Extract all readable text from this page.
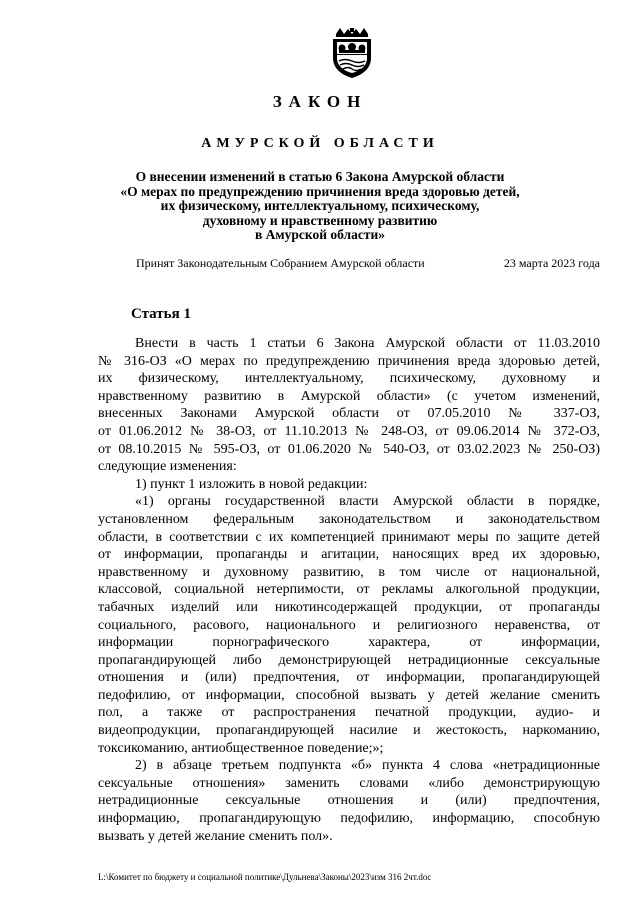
ЗАКОН
АМУРСКОЙ ОБЛАСТИ
О внесении изменений в статью 6 Закона Амурской области
«О мерах по предупреждению причинения вреда здоровью детей,
их физическому, интеллектуальному, психическому,
духовному и нравственному развитию
в Амурской области»
Принят Законодательным Собранием Амурской области	23 марта 2023 года
Статья 1
Внести в часть 1 статьи 6 Закона Амурской области от 11.03.2010
№ 316-ОЗ «О мерах по предупреждению причинения вреда здоровью детей,
их физическому, интеллектуальному, психическому, духовному и
нравственному развитию в Амурской области» (с учетом изменений,
внесенных Законами Амурской области от 07.05.2010 № 337-ОЗ,
от 01.06.2012 № 38-ОЗ, от 11.10.2013 № 248-ОЗ, от 09.06.2014 № 372-ОЗ,
от 08.10.2015 № 595-ОЗ, от 01.06.2020 № 540-ОЗ, от 03.02.2023 № 250-ОЗ)
следующие изменения:
1) пункт 1 изложить в новой редакции:
«1) органы государственной власти Амурской области в порядке,
установленном федеральным законодательством и законодательством
области, в соответствии с их компетенцией принимают меры по защите детей
от информации, пропаганды и агитации, наносящих вред их здоровью,
нравственному и духовному развитию, в том числе от национальной,
классовой, социальной нетерпимости, от рекламы алкогольной продукции,
табачных изделий или никотинсодержащей продукции, от пропаганды
социального, расового, национального и религиозного неравенства, от
информации порнографического характера, от информации,
пропагандирующей либо демонстрирующей нетрадиционные сексуальные
отношения и (или) предпочтения, от информации, пропагандирующей
педофилию, от информации, способной вызвать у детей желание сменить
пол, а также от распространения печатной продукции, аудио- и
видеопродукции, пропагандирующей насилие и жестокость, наркоманию,
токсикоманию, антиобщественное поведение;»;
2) в абзаце третьем подпункта «б» пункта 4 слова «нетрадиционные
сексуальные отношения» заменить словами «либо демонстрирующую
нетрадиционные сексуальные отношения и (или) предпочтения,
информацию, пропагандирующую педофилию, информацию, способную
вызвать у детей желание сменить пол».
L:\Комитет по бюджету и социальной политике\Дульнева\Законы\2023\изм 316 2чт.doc
